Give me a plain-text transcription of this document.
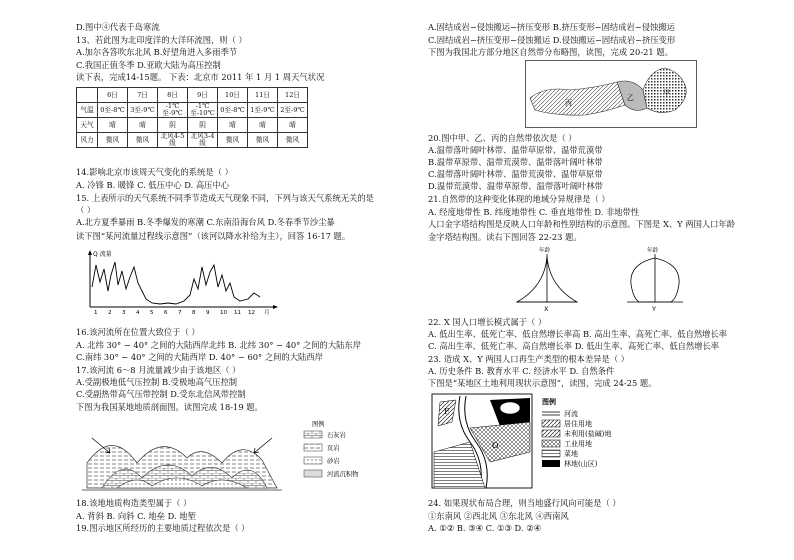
D.图中④代表千岛寒流
13、若此图为北印度洋的大洋环流图，则（ ）
A.加尔各答吹东北风 B.好望角进入多雨季节
C.我国正值冬季 D.亚欧大陆为高压控制
读下表，完成14-15题。 下表：北京市 2011 年 1 月 1 周天气状况
	6日	7日	8日	9日	10日	11日	12日
气温	0至-8℃	3至-9℃	-1℃至-9℃	-1℃至-10℃	0至-8℃	1至-9℃	2至-9℃
天气	晴	晴	阴	阴	晴	晴	晴
风力	微风	微风	北风4-5级	北风3-4级	微风	微风	微风
14.影响北京市该周天气变化的系统是（ ）
A. 冷锋 B. 暖锋 C. 低压中心 D. 高压中心
15. 上表所示的天气系统不同季节造成天气现象不同，下列与该天气系统无关的是
（ ）
A.北方夏季暴雨 B.冬季爆发的寒潮 C.东南沿海台风 D.冬春季节沙尘暴
读下图“某河流量过程线示意图”（该河以降水补给为主），回答 16-17 题。
Q 流量
1 2 3 4 5 6 7 8 9 10 11 12 月
16.该河流所在位置大致位于（ ）
A. 北纬 30° − 40° 之间的大陆西岸北纬 B. 北纬 30° − 40° 之间的大陆东岸
C.南纬 30° − 40° 之间的大陆西岸 D. 40° − 60° 之间的大陆西岸
17.该河流 6～8 月流量减少由于该地区（ ）
A.受副极地低气压控制 B.受极地高气压控制
C.受副热带高气压带控制 D.受东北信风带控制
下图为我国某地地质剖面图。读图完成 18-19 题。
图例
石灰岩
页岩
砂岩
河流沉积物
18.该地地质构造类型属于（ ）
A. 背斜 B. 向斜 C. 地垒 D. 地堑
19.图示地区所经历的主要地质过程依次是（ ）
A.固结成岩−侵蚀搬运−挤压变形 B.挤压变形−固结成岩−侵蚀搬运
C.固结成岩−挤压变形−侵蚀搬运 D.侵蚀搬运−固结成岩−挤压变形
下图为我国北方部分地区自然带分布略图，读图，完成 20-21 题。
丙
乙
甲
20.图中甲、乙、丙的自然带依次是（ ）
A.温带落叶阔叶林带、温带草原带、温带荒漠带
B.温带草原带、温带荒漠带、温带落叶阔叶林带
C.温带落叶阔叶林带、温带荒漠带、温带草原带
D.温带荒漠带、温带草原带、温带落叶阔叶林带
21.自然带的这种变化体现的地域分异规律是（ ）
A. 经度地带性 B. 纬度地带性 C. 垂直地带性 D. 非地带性
人口金字塔结构图是反映人口年龄和性别结构的示意图。下图是 X、Y 两国人口年龄
金字塔结构图。读右下图回答 22-23 题。
年龄
X
年龄
Y
22. X 国人口增长模式属于（ ）
A. 低出生率、低死亡率、低自然增长率高 B. 高出生率、高死亡率、低自然增长率
C. 高出生率、低死亡率、高自然增长率 D. 低出生率、高死亡率、低自然增长率
23. 造成 X、Y 两国人口再生产类型的根本差异是（ ）
A. 历史条件 B. 教育水平 C. 经济水平 D. 自然条件
下图是“某地区土地利用现状示意图”，读图，完成 24-25 题。
F
O
图例
河流
居住用地
未利用(盐碱)地
工业用地
菜地
林地(山区)
24. 如果现状布局合理，则当地盛行风向可能是（ ）
①东南风 ②西北风 ③东北风 ④西南风
A. ①② B. ③④ C. ①③ D. ②④
